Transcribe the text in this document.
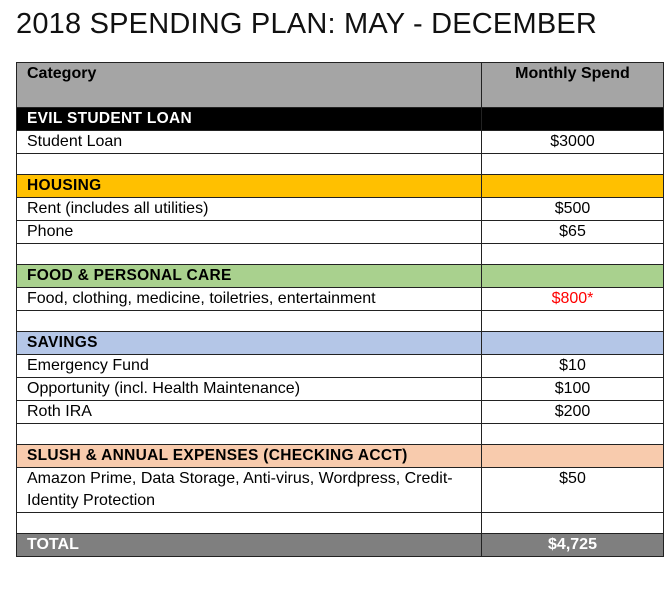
2018 SPENDING PLAN: MAY - DECEMBER
Category	Monthly Spend
EVIL STUDENT LOAN	
Student Loan	$3000

HOUSING	
Rent (includes all utilities)	$500
Phone	$65

FOOD & PERSONAL CARE	
Food, clothing, medicine, toiletries, entertainment	$800*

SAVINGS	
Emergency Fund	$10
Opportunity (incl. Health Maintenance)	$100
Roth IRA	$200

SLUSH & ANNUAL EXPENSES (CHECKING ACCT)	
Amazon Prime, Data Storage, Anti-virus, Wordpress, Credit-Identity Protection	$50

TOTAL	$4,725
